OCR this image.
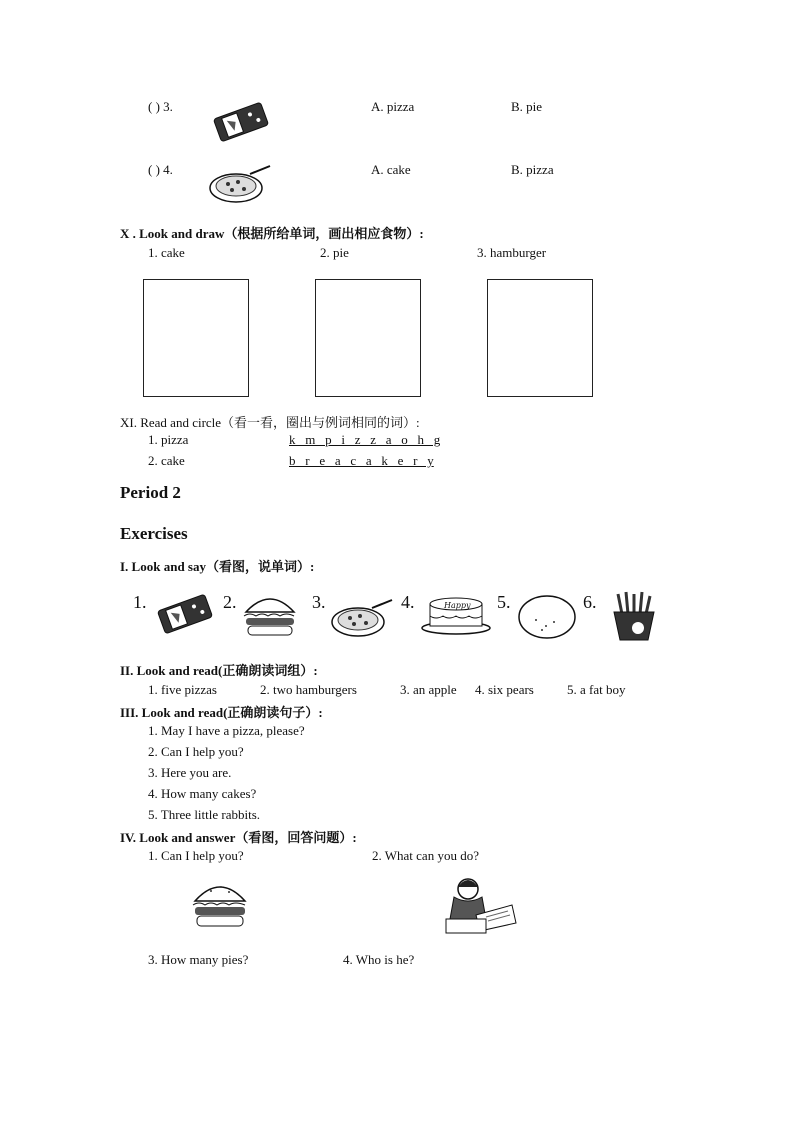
( ) 3.	A. pizza	B. pie
( ) 4.	A. cake	B. pizza
X . Look and draw（根据所给单词，画出相应食物）:
1. cake	2. pie	3. hamburger
XI. Read and circle（看一看，圈出与例词相同的词）:
1. pizza	k   m   p   i   z   z   a   o   h   g
2. cake	b   r   e   a   c   a   k   e   r   y
Period 2
Exercises
I. Look and say（看图，说单词）:
1.	2.	3.	4.	Happy 5.	6.
II. Look and read(正确朗读词组）:
1. five pizzas	2. two hamburgers	3. an apple 4. six pears	5. a fat boy
III. Look and read(正确朗读句子）:
1. May I have a pizza, please?
2. Can I help you?
3. Here you are.
4. How many cakes?
5. Three little rabbits.
IV. Look and answer（看图，回答问题）:
1. Can I help you?	2. What can you do?
3. How many pies?	4. Who is he?
